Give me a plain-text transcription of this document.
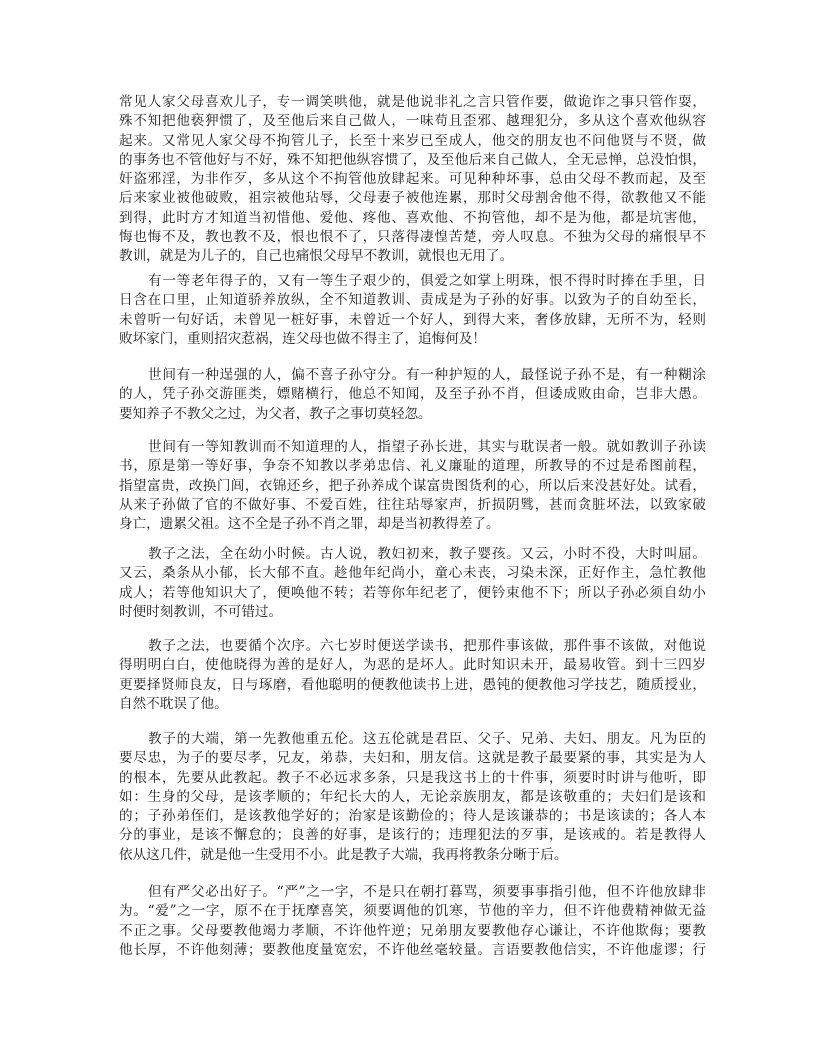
常见人家父母喜欢儿子，专一调笑哄他，就是他说非礼之言只管作要，做诡诈之事只管作耍，
殊不知把他亵狎惯了，及至他后来自己做人，一味苟且歪邪、越理犯分，多从这个喜欢他纵容
起来。又常见人家父母不拘管儿子，长至十来岁已至成人，他交的朋友也不问他贤与不贤，做
的事务也不管他好与不好，殊不知把他纵容惯了，及至他后来自己做人，全无忌惮，总没怕惧，
奸盗邪淫，为非作歹，多从这个不拘管他放肆起来。可见种种坏事，总由父母不教而起，及至
后来家业被他破败，祖宗被他玷辱，父母妻子被他连累，那时父母割舍他不得，欲教他又不能
到得，此时方才知道当初惜他、爱他、疼他、喜欢他、不拘管他，却不是为他，都是坑害他，
悔也悔不及，教也教不及，恨也恨不了，只落得凄惶苦楚，旁人叹息。不独为父母的痛恨早不
教训，就是为儿子的，自己也痛恨父母早不教训，就恨也无用了。
有一等老年得子的，又有一等生子艰少的，俱爱之如掌上明珠，恨不得时时捧在手里，日
日含在口里，止知道骄养放纵，全不知道教训、责成是为子孙的好事。以致为子的自幼至长，
未曾听一句好话，未曾见一桩好事，未曾近一个好人，到得大来，奢侈放肆，无所不为，轻则
败坏家门，重则招灾惹祸，连父母也做不得主了，追悔何及！
世间有一种逞强的人，偏不喜子孙守分。有一种护短的人，最怪说子孙不是，有一种糊涂
的人，凭子孙交游匪类，嫖赌横行，他总不知闻，及至子孙不肖，但诿成败由命，岂非大愚。
要知养子不教父之过，为父者，教子之事切莫轻忽。
世间有一等知教训而不知道理的人，指望子孙长进，其实与耽误者一般。就如教训子孙读
书，原是第一等好事，争奈不知教以孝弟忠信、礼义廉耻的道理，所教导的不过是希图前程，
指望富贵，改换门闾，衣锦还乡，把子孙养成个谋富贵图货利的心，所以后来没甚好处。试看，
从来子孙做了官的不做好事、不爱百姓，往往玷辱家声，折损阴骘，甚而贪脏坏法，以致家破
身亡，遗累父祖。这不全是子孙不肖之罪，却是当初教得差了。
教子之法，全在幼小时候。古人说，教妇初来，教子婴孩。又云，小时不役，大时叫屈。
又云，桑条从小郁，长大郁不直。趁他年纪尚小，童心未丧，习染未深，正好作主，急忙教他
成人；若等他知识大了，便唤他不转；若等你年纪老了，便钤束他不下；所以子孙必须自幼小
时便时刻教训，不可错过。
教子之法，也要循个次序。六七岁时便送学读书，把那件事该做，那件事不该做，对他说
得明明白白，使他晓得为善的是好人，为恶的是坏人。此时知识未开，最易收管。到十三四岁
更要择贤师良友，日与琢磨，看他聪明的便教他读书上进，愚钝的便教他习学技艺，随质授业，
自然不耽误了他。
教子的大端，第一先教他重五伦。这五伦就是君臣、父子、兄弟、夫妇、朋友。凡为臣的
要尽忠，为子的要尽孝，兄友，弟恭，夫妇和，朋友信。这就是教子最要紧的事，其实是为人
的根本，先要从此教起。教子不必远求多条，只是我这书上的十件事，须要时时讲与他听，即
如：生身的父母，是该孝顺的；年纪长大的人，无论亲族朋友，都是该敬重的；夫妇们是该和
的；子孙弟侄们，是该教他学好的；治家是该勤俭的；待人是该谦恭的；书是该读的；各人本
分的事业，是该不懈怠的；良善的好事，是该行的；违理犯法的歹事，是该戒的。若是教得人
依从这几件，就是他一生受用不小。此是教子大端，我再将教条分晰于后。
但有严父必出好子。“严”之一字，不是只在朝打暮骂，须要事事指引他，但不许他放肆非
为。“爱”之一字，原不在于抚摩喜笑，须要调他的饥寒，节他的辛力，但不许他费精神做无益
不正之事。父母要教他竭力孝顺，不许他忤逆；兄弟朋友要教他存心谦让，不许他欺侮；要教
他长厚，不许他刻薄；要教他度量宽宏，不许他丝毫较量。言语要教他信实，不许他虚谬；行
